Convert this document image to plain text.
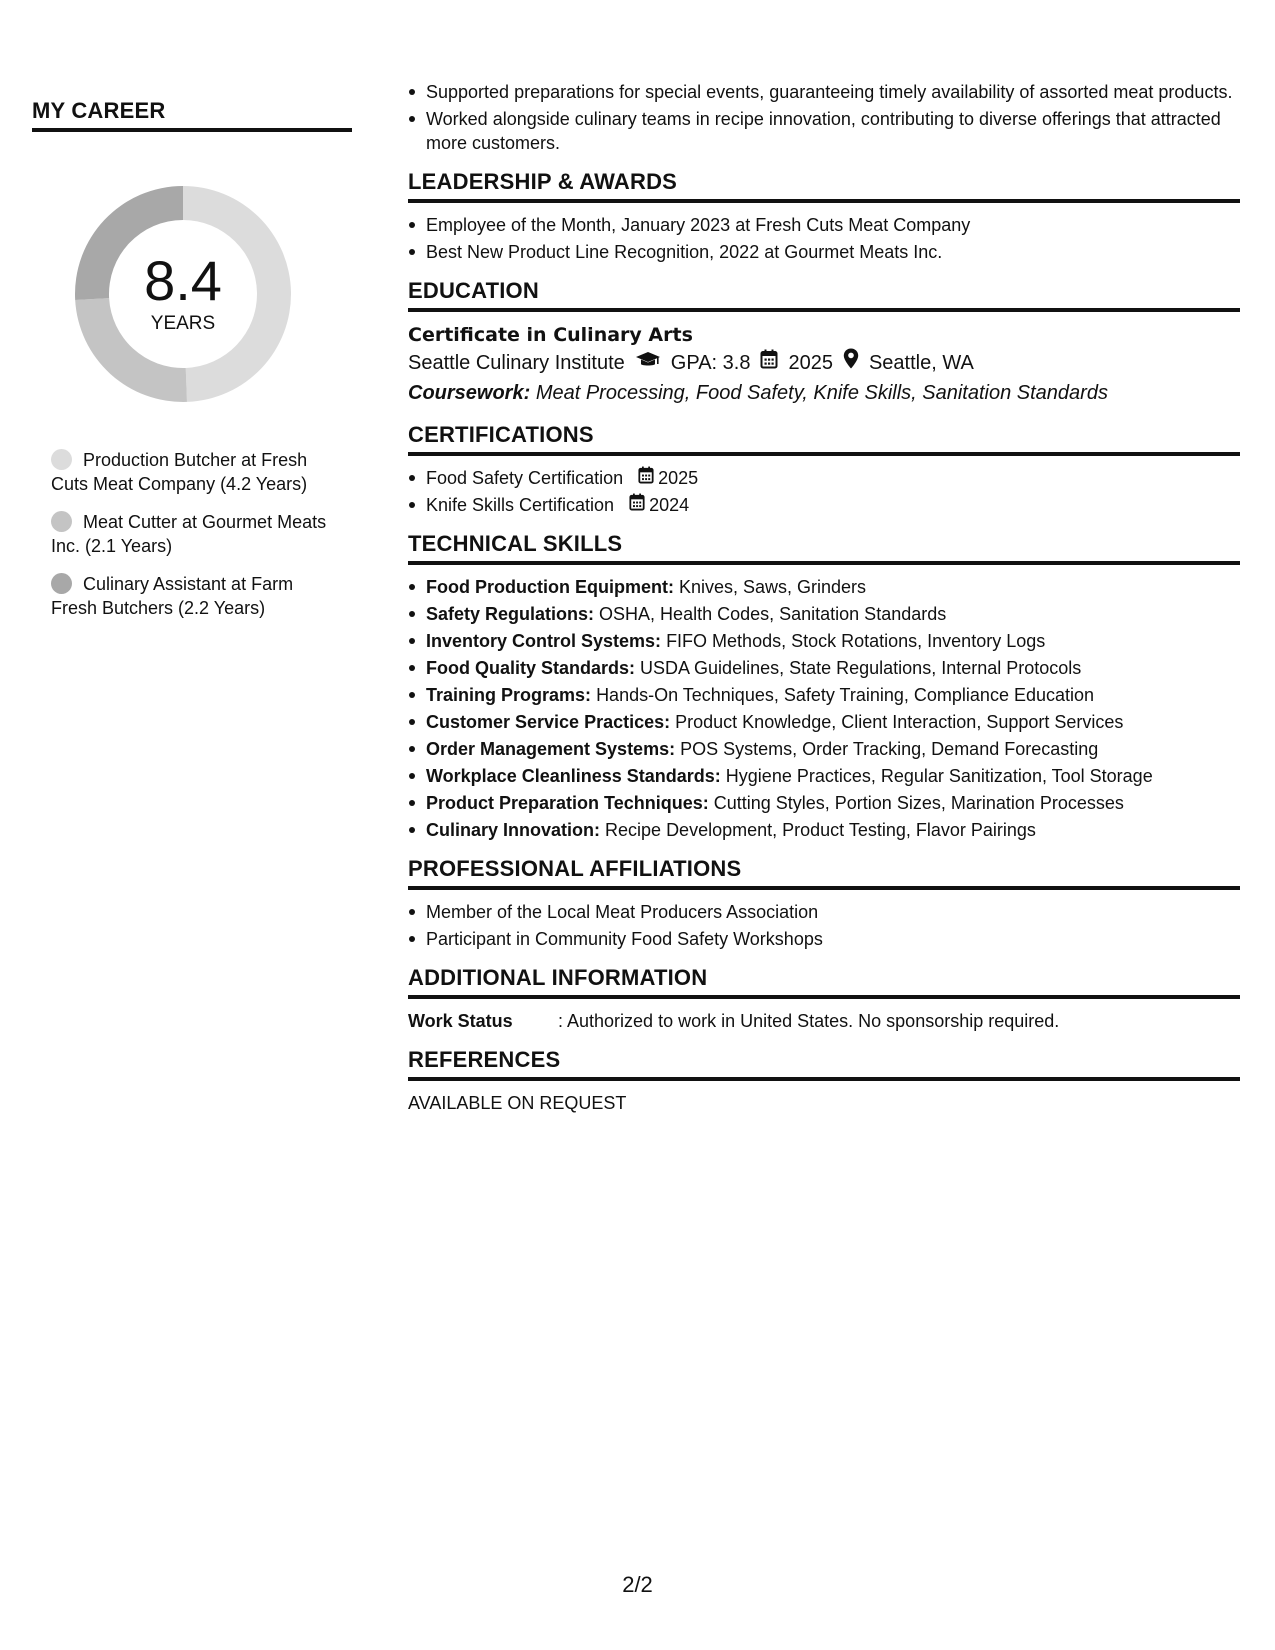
MY CAREER
8.4
YEARS
Production Butcher at Fresh Cuts Meat Company (4.2 Years)
Meat Cutter at Gourmet Meats Inc. (2.1 Years)
Culinary Assistant at Farm Fresh Butchers (2.2 Years)
Supported preparations for special events, guaranteeing timely availability of assorted meat products.
Worked alongside culinary teams in recipe innovation, contributing to diverse offerings that attracted more customers.
LEADERSHIP & AWARDS
Employee of the Month, January 2023 at Fresh Cuts Meat Company
Best New Product Line Recognition, 2022 at Gourmet Meats Inc.
EDUCATION
Certificate in Culinary Arts
Seattle Culinary Institute GPA: 3.8 2025 Seattle, WA
Coursework: Meat Processing, Food Safety, Knife Skills, Sanitation Standards
CERTIFICATIONS
Food Safety Certification 2025
Knife Skills Certification 2024
TECHNICAL SKILLS
Food Production Equipment: Knives, Saws, Grinders
Safety Regulations: OSHA, Health Codes, Sanitation Standards
Inventory Control Systems: FIFO Methods, Stock Rotations, Inventory Logs
Food Quality Standards: USDA Guidelines, State Regulations, Internal Protocols
Training Programs: Hands-On Techniques, Safety Training, Compliance Education
Customer Service Practices: Product Knowledge, Client Interaction, Support Services
Order Management Systems: POS Systems, Order Tracking, Demand Forecasting
Workplace Cleanliness Standards: Hygiene Practices, Regular Sanitization, Tool Storage
Product Preparation Techniques: Cutting Styles, Portion Sizes, Marination Processes
Culinary Innovation: Recipe Development, Product Testing, Flavor Pairings
PROFESSIONAL AFFILIATIONS
Member of the Local Meat Producers Association
Participant in Community Food Safety Workshops
ADDITIONAL INFORMATION
Work Status	: Authorized to work in United States. No sponsorship required.
REFERENCES
AVAILABLE ON REQUEST
2/2
